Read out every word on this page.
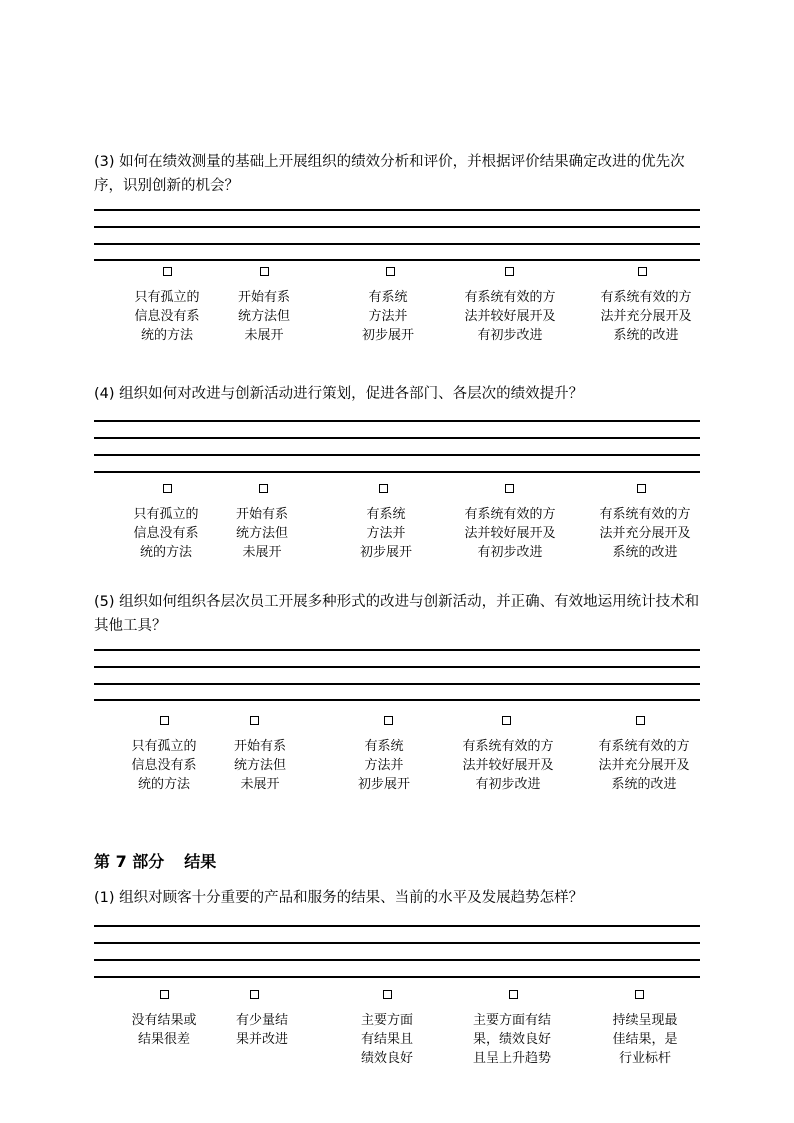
(3) 如何在绩效测量的基础上开展组织的绩效分析和评价，并根据评价结果确定改进的优先次序，识别创新的机会？
只有孤立的
信息没有系
统的方法
开始有系
统方法但
未展开
有系统
方法并
初步展开
有系统有效的方
法并较好展开及
有初步改进
有系统有效的方
法并充分展开及
系统的改进
(4) 组织如何对改进与创新活动进行策划，促进各部门、各层次的绩效提升？
只有孤立的
信息没有系
统的方法
开始有系
统方法但
未展开
有系统
方法并
初步展开
有系统有效的方
法并较好展开及
有初步改进
有系统有效的方
法并充分展开及
系统的改进
(5) 组织如何组织各层次员工开展多种形式的改进与创新活动，并正确、有效地运用统计技术和其他工具？
只有孤立的
信息没有系
统的方法
开始有系
统方法但
未展开
有系统
方法并
初步展开
有系统有效的方
法并较好展开及
有初步改进
有系统有效的方
法并充分展开及
系统的改进
第 7 部分 结果
(1) 组织对顾客十分重要的产品和服务的结果、当前的水平及发展趋势怎样？
没有结果或
结果很差
有少量结
果并改进
主要方面
有结果且
绩效良好
主要方面有结
果，绩效良好
且呈上升趋势
持续呈现最
佳结果，是
行业标杆
